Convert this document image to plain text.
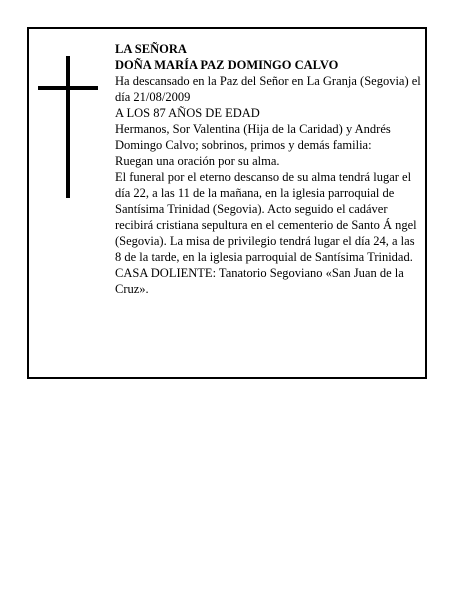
LA SEÑORA

DOÑA MARÍA PAZ DOMINGO CALVO

Ha descansado en la Paz del Señor en La Granja (Segovia) el día 21/08/2009

A LOS 87 AÑOS DE EDAD

Hermanos, Sor Valentina (Hija de la Caridad) y Andrés Domingo Calvo; sobrinos, primos y demás familia:

Ruegan una oración por su alma.

El funeral por el eterno descanso de su alma tendrá lugar el día 22, a las 11 de la mañana, en la iglesia parroquial de Santísima Trinidad (Segovia). Acto seguido el cadáver recibirá cristiana sepultura en el cementerio de Santo Á ngel (Segovia). La misa de privilegio tendrá lugar el día 24, a las 8 de la tarde, en la iglesia parroquial de Santísima Trinidad.

CASA DOLIENTE: Tanatorio Segoviano «San Juan de la Cruz».
